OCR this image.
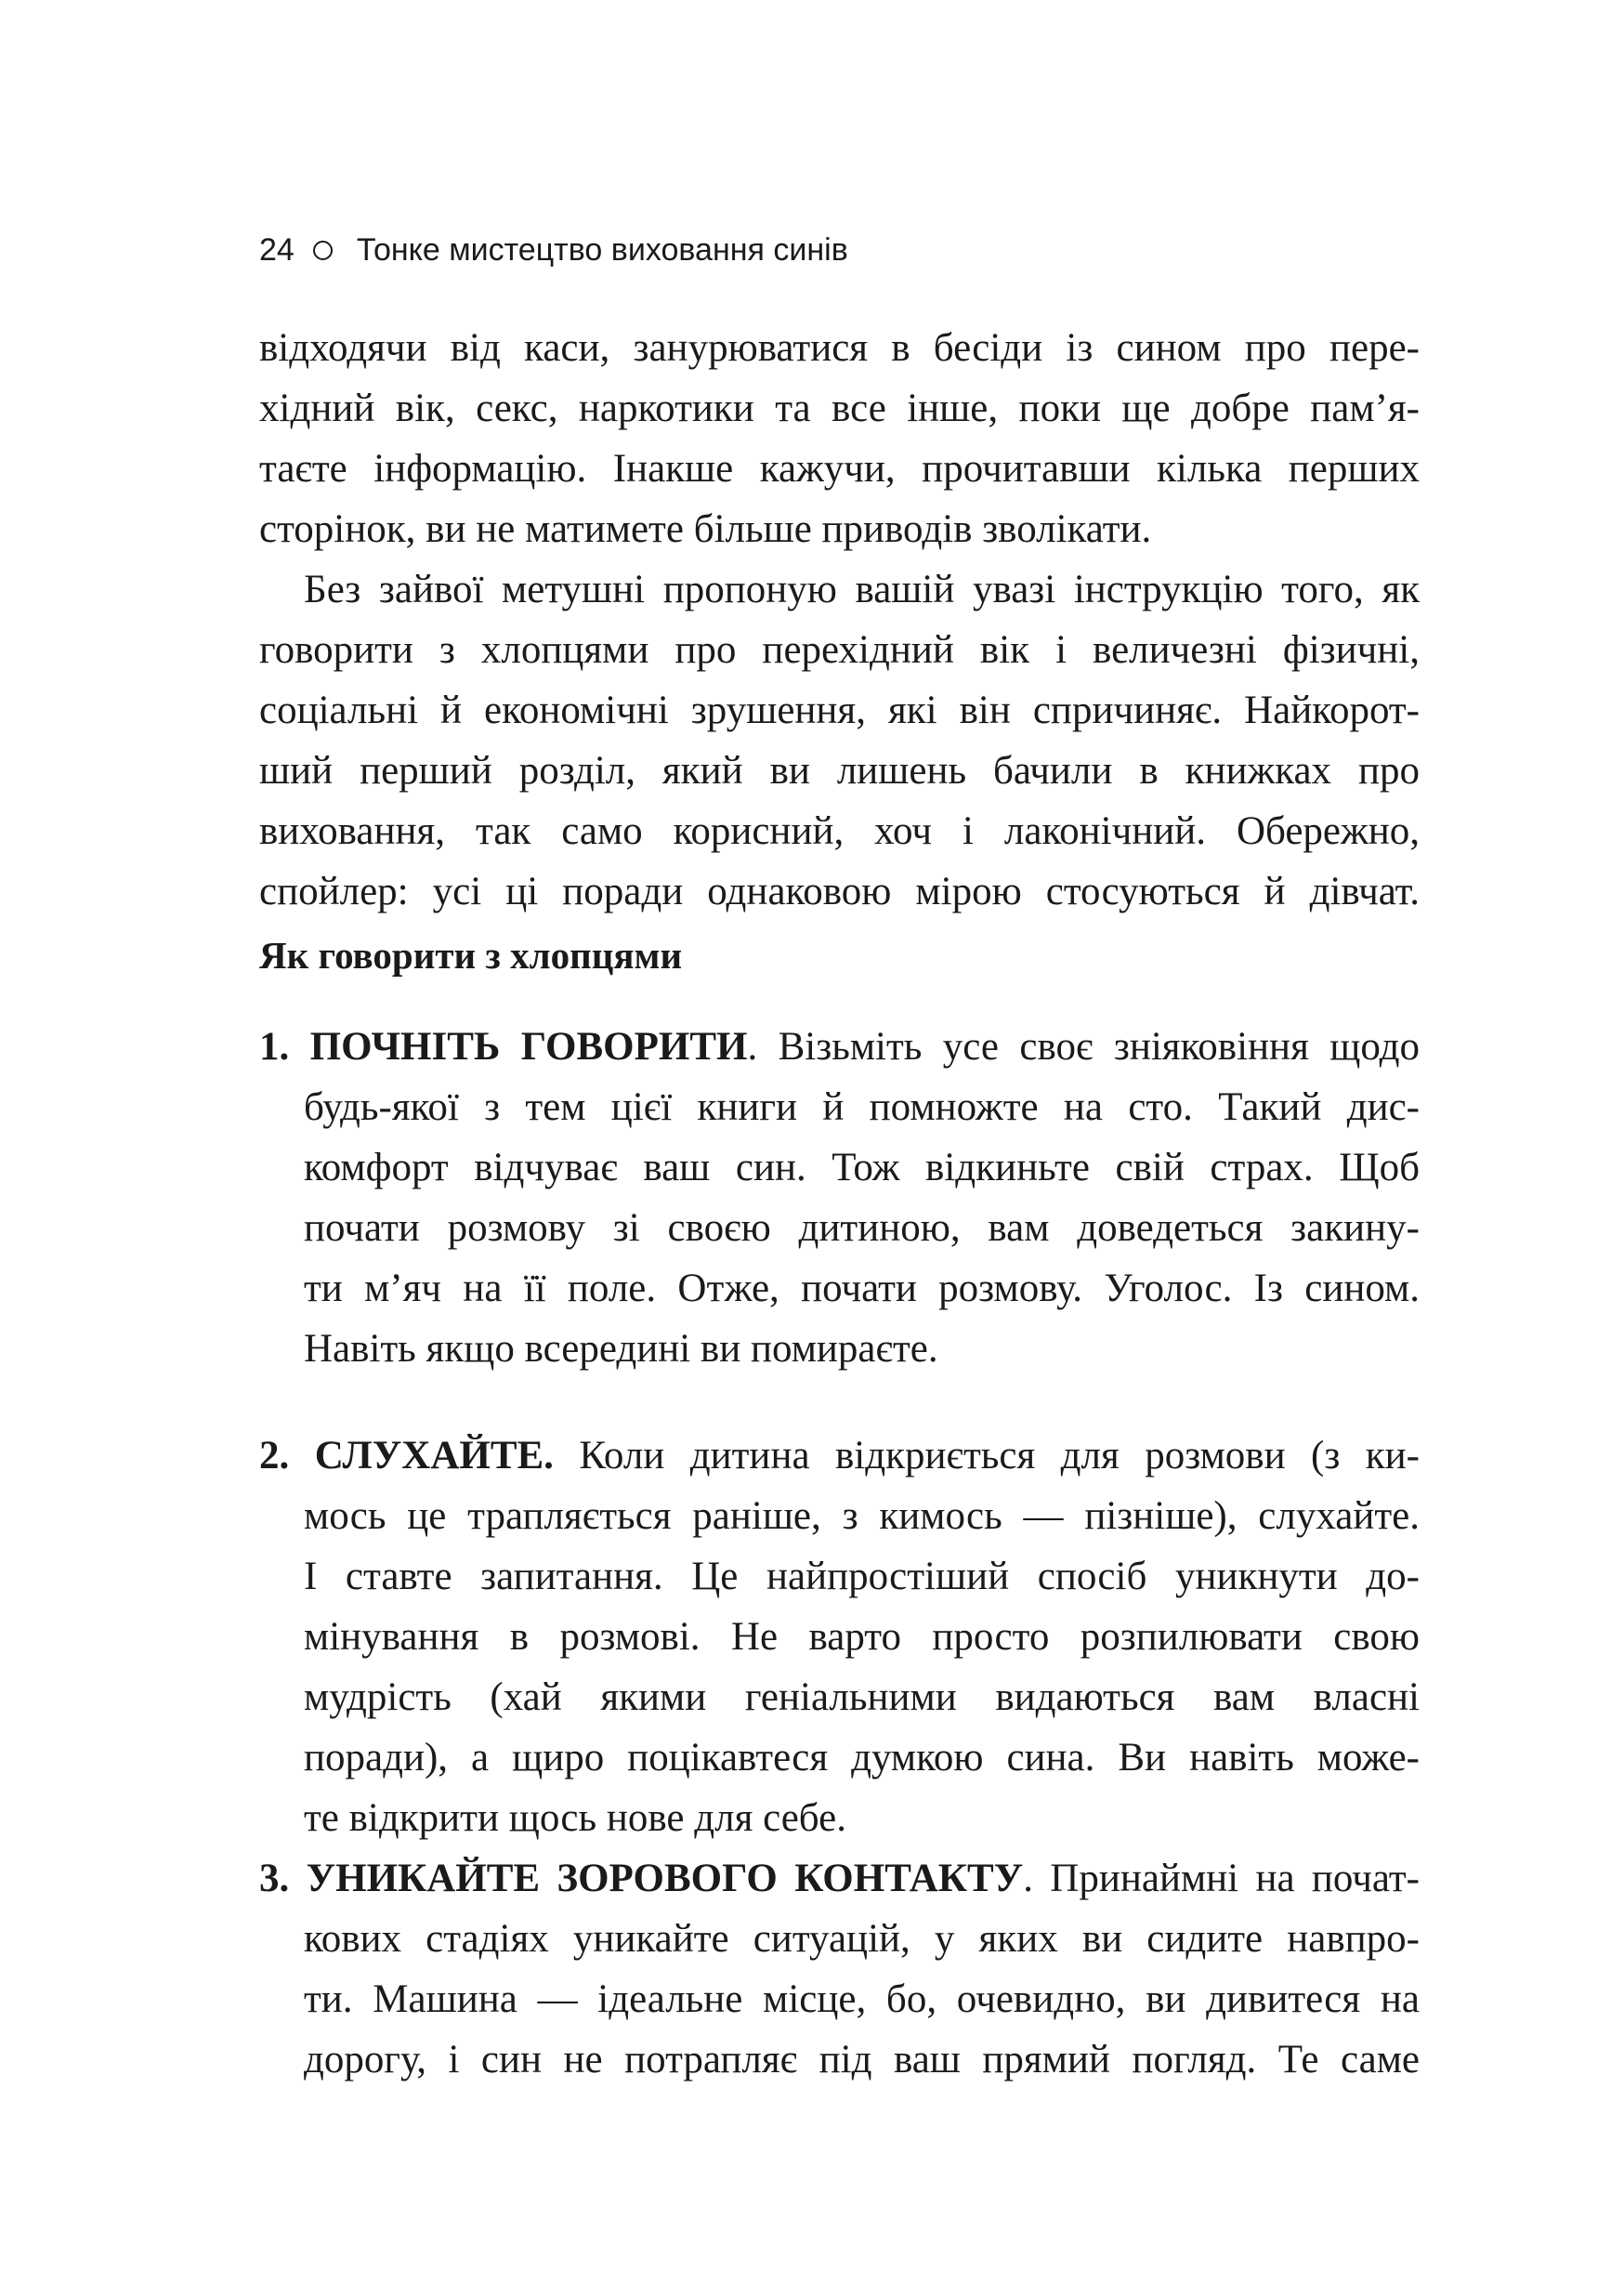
24 Тонке мистецтво виховання синів
відходячи від каси, занурюватися в бесіди із сином про пере-
хідний вік, секс, наркотики та все інше, поки ще добре пам’я-
таєте інформацію. Інакше кажучи, прочитавши кілька перших
сторінок, ви не матимете більше приводів зволікати.
Без зайвої метушні пропоную вашій увазі інструкцію того, як
говорити з хлопцями про перехідний вік і величезні фізичні,
соціальні й економічні зрушення, які він спричиняє. Найкорот-
ший перший розділ, який ви лишень бачили в книжках про
виховання, так само корисний, хоч і лаконічний. Обережно,
спойлер: усі ці поради однаковою мірою стосуються й дівчат.
Як говорити з хлопцями
1. ПОЧНІТЬ ГОВОРИТИ. Візьміть усе своє зніяковіння щодо
будь-якої з тем цієї книги й помножте на сто. Такий дис-
комфорт відчуває ваш син. Тож відкиньте свій страх. Щоб
почати розмову зі своєю дитиною, вам доведеться закину-
ти м’яч на її поле. Отже, почати розмову. Уголос. Із сином.
Навіть якщо всередині ви помираєте.
2. СЛУХАЙТЕ. Коли дитина відкриється для розмови (з ки-
мось це трапляється раніше, з кимось — пізніше), слухайте.
І ставте запитання. Це найпростіший спосіб уникнути до-
мінування в розмові. Не варто просто розпилювати свою
мудрість (хай якими геніальними видаються вам власні
поради), а щиро поцікавтеся думкою сина. Ви навіть може-
те відкрити щось нове для себе.
3. УНИКАЙТЕ ЗОРОВОГО КОНТАКТУ. Принаймні на почат-
кових стадіях уникайте ситуацій, у яких ви сидите навпро-
ти. Машина — ідеальне місце, бо, очевидно, ви дивитеся на
дорогу, і син не потрапляє під ваш прямий погляд. Те саме
